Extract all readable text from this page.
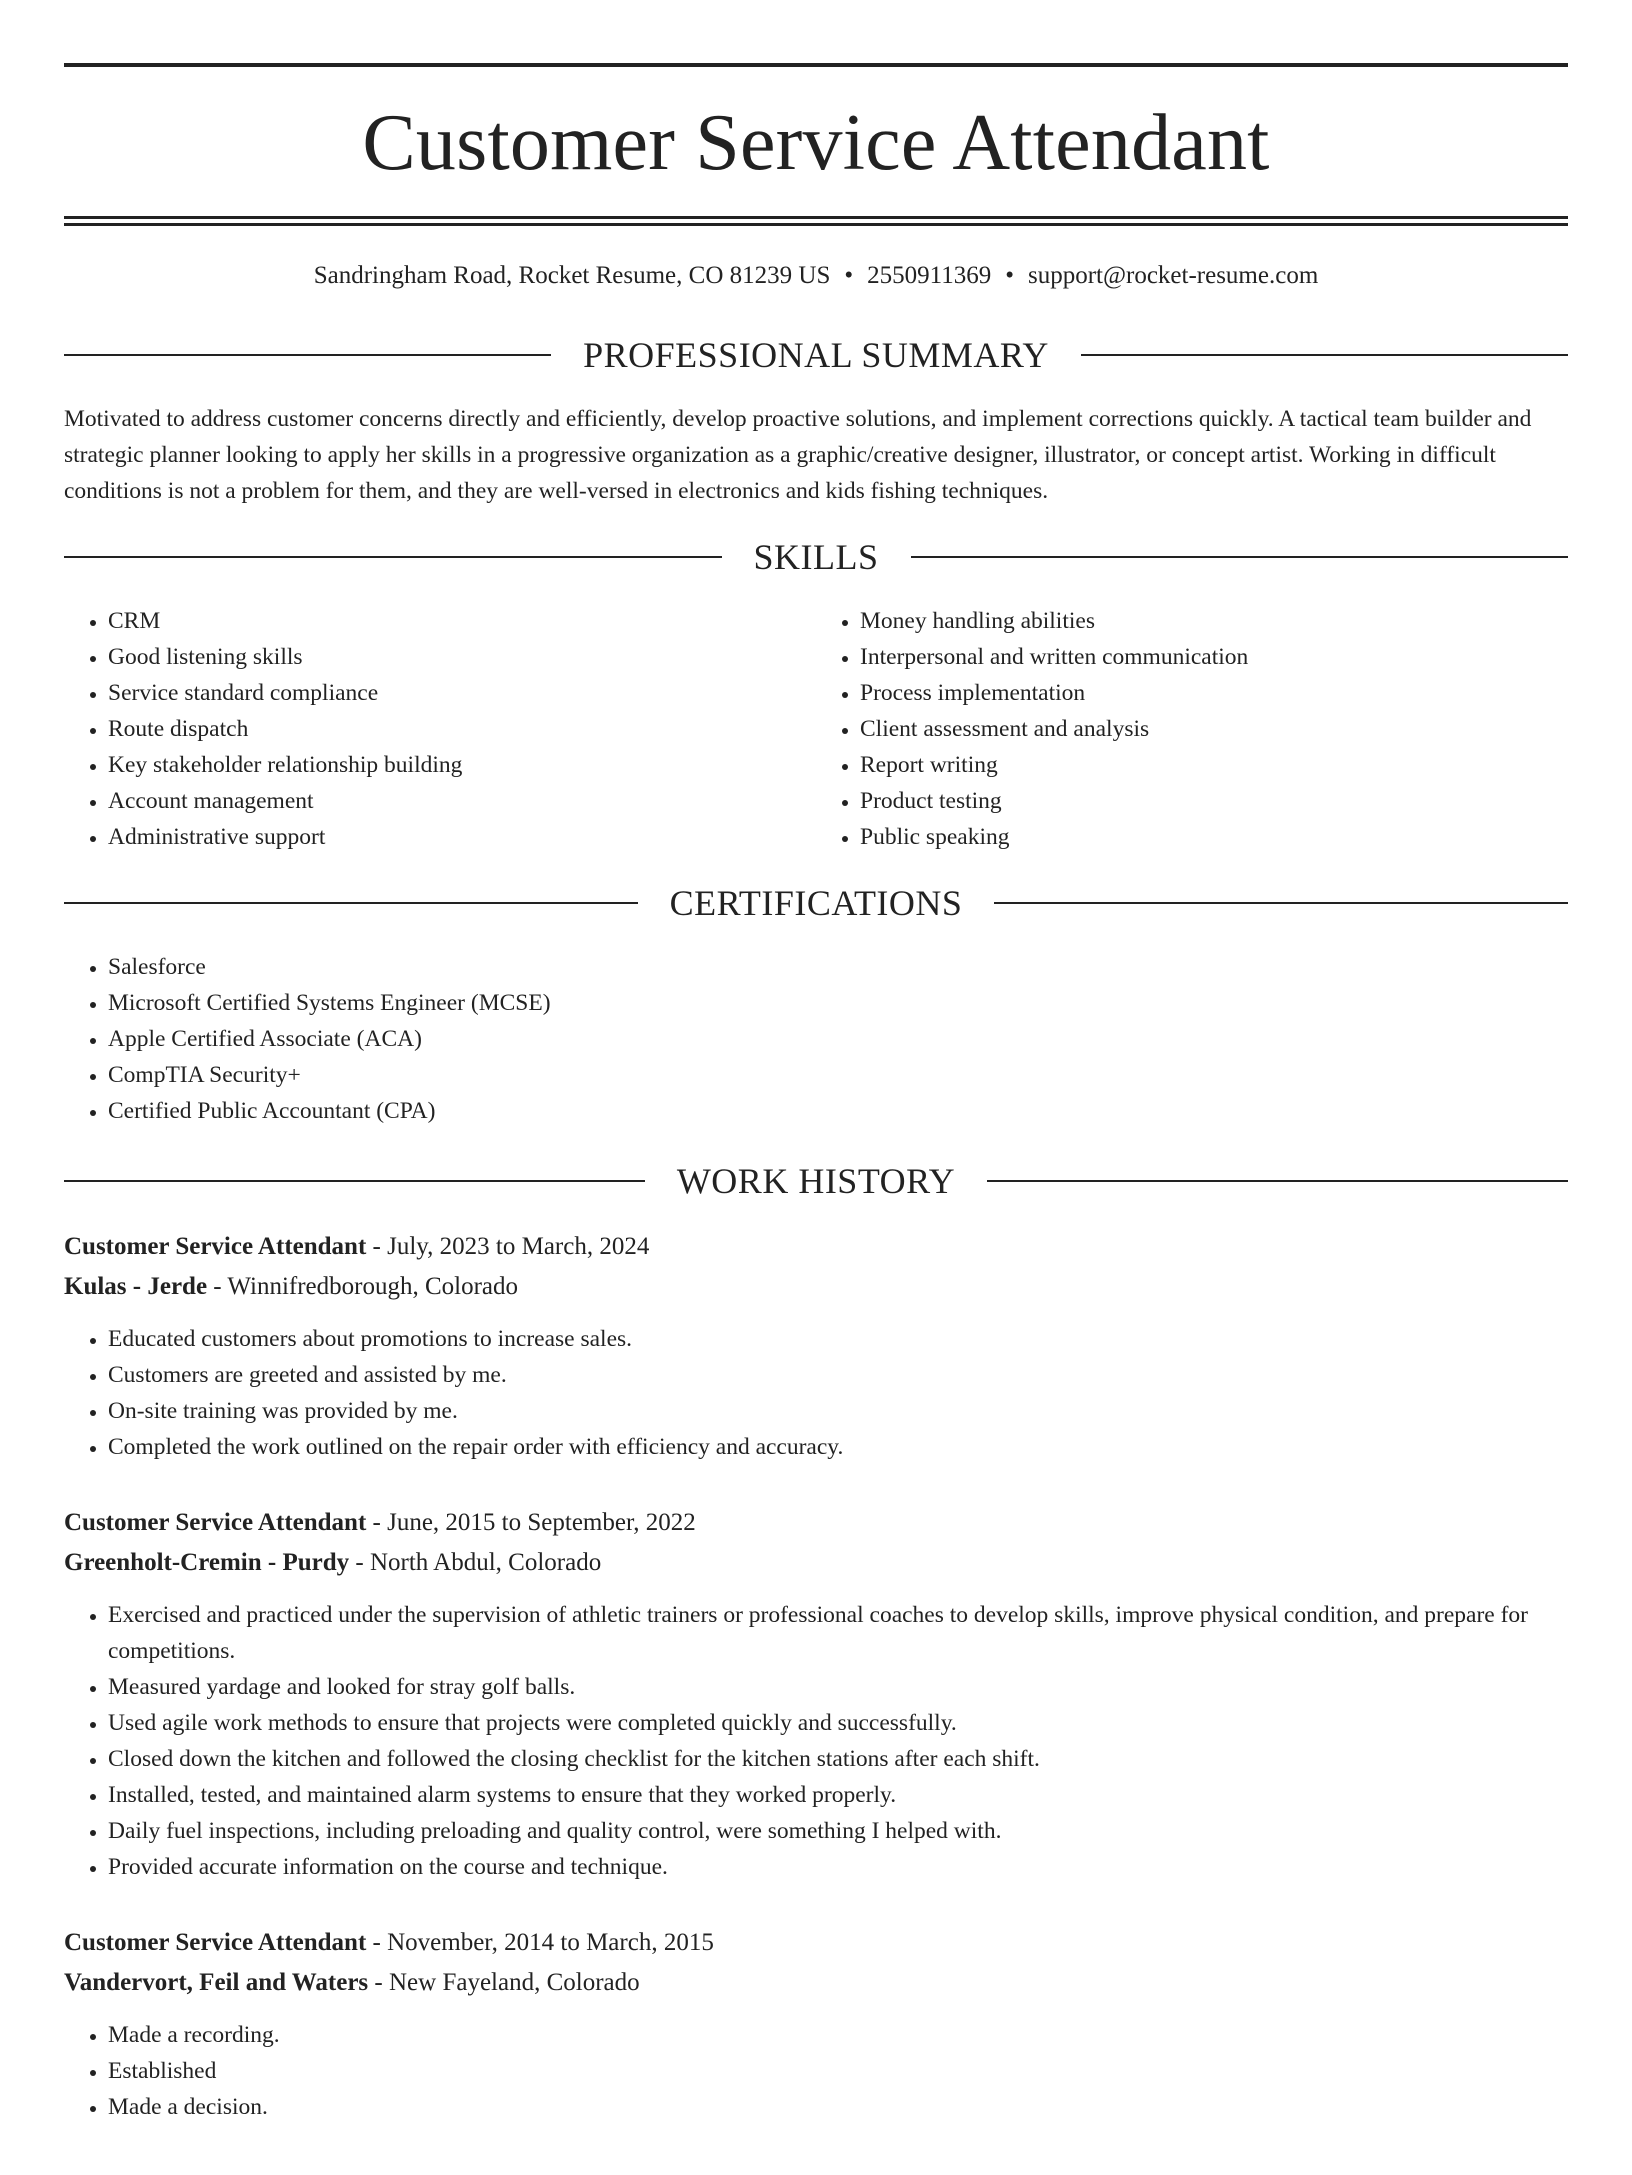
Customer Service Attendant
Sandringham Road, Rocket Resume, CO 81239 US • 2550911369 • support@rocket-resume.com
PROFESSIONAL SUMMARY

Motivated to address customer concerns directly and efficiently, develop proactive solutions, and implement corrections quickly. A tactical team builder and strategic planner looking to apply her skills in a progressive organization as a graphic/creative designer, illustrator, or concept artist. Working in difficult conditions is not a problem for them, and they are well-versed in electronics and kids fishing techniques.

SKILLS
• CRM
• Good listening skills
• Service standard compliance
• Route dispatch
• Key stakeholder relationship building
• Account management
• Administrative support
• Money handling abilities
• Interpersonal and written communication
• Process implementation
• Client assessment and analysis
• Report writing
• Product testing
• Public speaking
CERTIFICATIONS
• Salesforce
• Microsoft Certified Systems Engineer (MCSE)
• Apple Certified Associate (ACA)
• CompTIA Security+
• Certified Public Accountant (CPA)
WORK HISTORY
Customer Service Attendant - July, 2023 to March, 2024
Kulas - Jerde - Winnifredborough, Colorado
• Educated customers about promotions to increase sales.
• Customers are greeted and assisted by me.
• On-site training was provided by me.
• Completed the work outlined on the repair order with efficiency and accuracy.
Customer Service Attendant - June, 2015 to September, 2022
Greenholt-Cremin - Purdy - North Abdul, Colorado
• Exercised and practiced under the supervision of athletic trainers or professional coaches to develop skills, improve physical condition, and prepare for competitions.
• Measured yardage and looked for stray golf balls.
• Used agile work methods to ensure that projects were completed quickly and successfully.
• Closed down the kitchen and followed the closing checklist for the kitchen stations after each shift.
• Installed, tested, and maintained alarm systems to ensure that they worked properly.
• Daily fuel inspections, including preloading and quality control, were something I helped with.
• Provided accurate information on the course and technique.
Customer Service Attendant - November, 2014 to March, 2015
Vandervort, Feil and Waters - New Fayeland, Colorado
• Made a recording.
• Established
• Made a decision.
